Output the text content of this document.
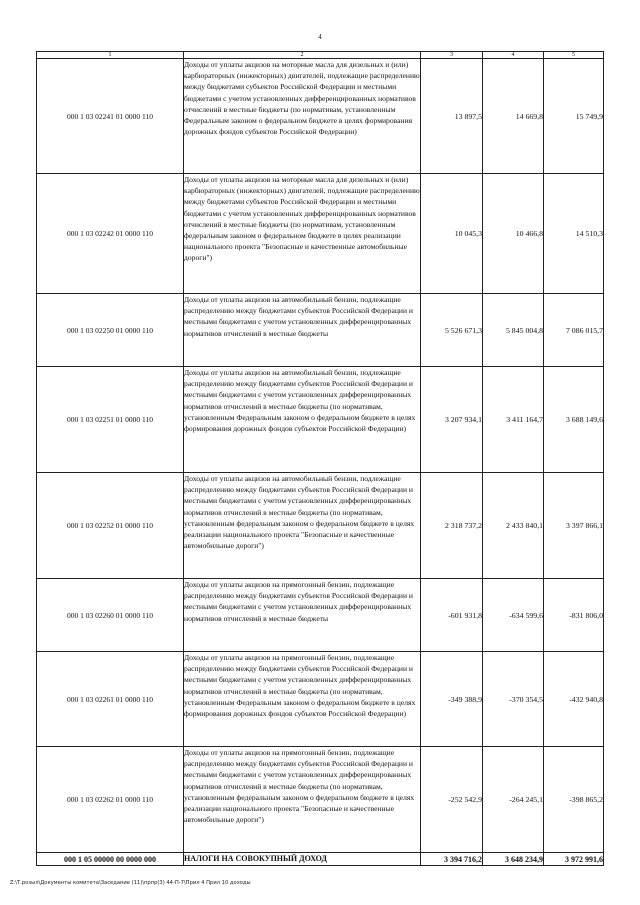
4
1	2	3	4	5
000 1 03 02241 01 0000 110	Доходы от уплаты акцизов на моторные масла для дизельных и (или) карбюраторных (инжекторных) двигателей, подлежащие распределению между бюджетами субъектов Российской Федерации и местными бюджетами с учетом установленных дифференцированных нормативов отчислений в местные бюджеты (по нормативам, установленным Федеральным законом о федеральном бюджете в целях формирования дорожных фондов субъектов Российской Федерации)	13 897,5	14 669,8	15 749,9
000 1 03 02242 01 0000 110	Доходы от уплаты акцизов на моторные масла для дизельных и (или) карбюраторных (инжекторных) двигателей, подлежащие распределению между бюджетами субъектов Российской Федерации и местными бюджетами с учетом установленных дифференцированных нормативов отчислений в местные бюджеты (по нормативам, установленным федеральным законом о федеральном бюджете в целях реализации национального проекта "Безопасные и качественные автомобильные дороги")	10 045,3	10 466,8	14 510,3
000 1 03 02250 01 0000 110	Доходы от уплаты акцизов на автомобильный бензин, подлежащие распределению между бюджетами субъектов Российской Федерации и местными бюджетами с учетом установленных дифференцированных нормативов отчислений в местные бюджеты	5 526 671,3	5 845 004,8	7 086 015,7
000 1 03 02251 01 0000 110	Доходы от уплаты акцизов на автомобильный бензин, подлежащие распределению между бюджетами субъектов Российской Федерации и местными бюджетами с учетом установленных дифференцированных нормативов отчислений в местные бюджеты (по нормативам, установленным Федеральным законом о федеральном бюджете в целях формирования дорожных фондов субъектов Российской Федерации)	3 207 934,1	3 411 164,7	3 688 149,6
000 1 03 02252 01 0000 110	Доходы от уплаты акцизов на автомобильный бензин, подлежащие распределению между бюджетами субъектов Российской Федерации и местными бюджетами с учетом установленных дифференцированных нормативов отчислений в местные бюджеты (по нормативам, установленным федеральным законом о федеральном бюджете в целях реализации национального проекта "Безопасные и качественные автомобильные дороги")	2 318 737,2	2 433 840,1	3 397 866,1
000 1 03 02260 01 0000 110	Доходы от уплаты акцизов на прямогонный бензин, подлежащие распределению между бюджетами субъектов Российской Федерации и местными бюджетами с учетом установленных дифференцированных нормативов отчислений в местные бюджеты	-601 931,8	-634 599,6	-831 806,0
000 1 03 02261 01 0000 110	Доходы от уплаты акцизов на прямогонный бензин, подлежащие распределению между бюджетами субъектов Российской Федерации и местными бюджетами с учетом установленных дифференцированных нормативов отчислений в местные бюджеты (по нормативам, установленным Федеральным законом о федеральном бюджете в целях формирования дорожных фондов субъектов Российской Федерации)	-349 388,9	-370 354,5	-432 940,8
000 1 03 02262 01 0000 110	Доходы от уплаты акцизов на прямогонный бензин, подлежащие распределению между бюджетами субъектов Российской Федерации и местными бюджетами с учетом установленных дифференцированных нормативов отчислений в местные бюджеты (по нормативам, установленным федеральным законом о федеральном бюджете в целях реализации национального проекта "Безопасные и качественные автомобильные дороги")	-252 542,9	-264 245,1	-398 865,2
000 1 05 00000 00 0000 000	НАЛОГИ НА СОВОКУПНЫЙ ДОХОД	3 394 716,2	3 648 234,9	3 972 991,6
Z:\Т.розыл\Документы комитета\Заседание (11)\прпр(3) 44-П-7\Прил 4 Прил 10 доходы
